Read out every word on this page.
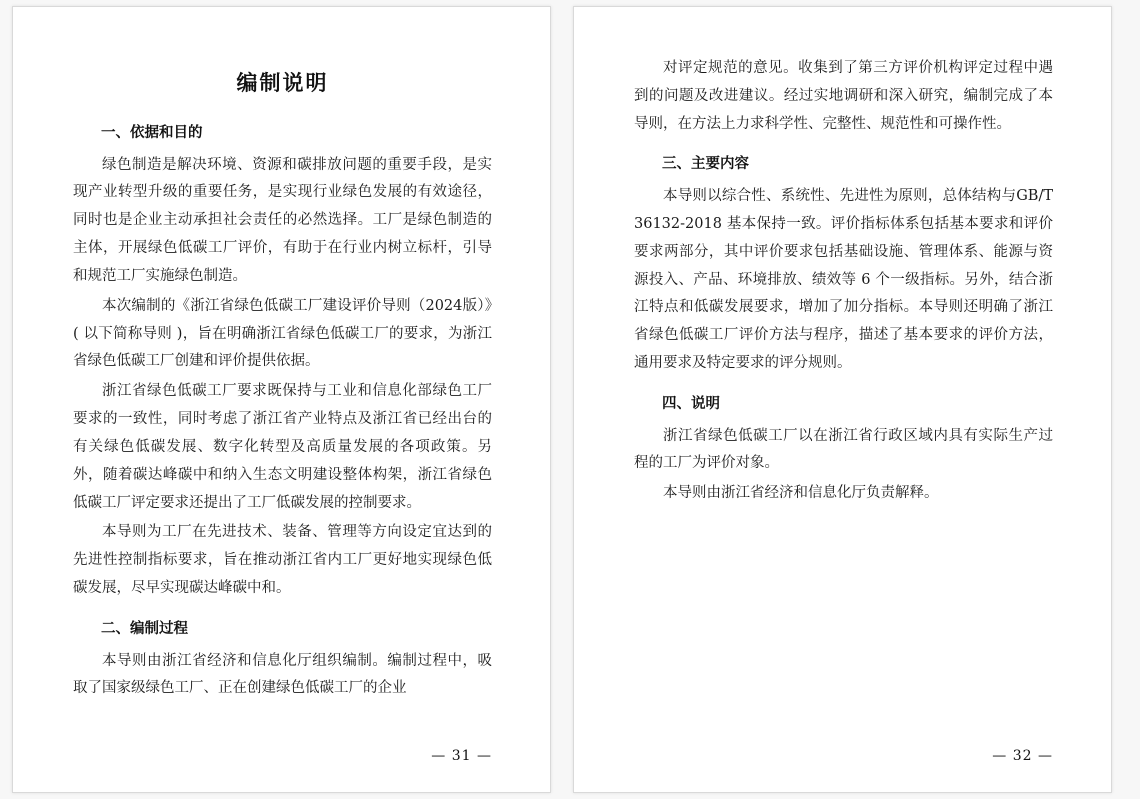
编制说明
一、依据和目的

绿色制造是解决环境、资源和碳排放问题的重要手段，是实现产业转型升级的重要任务，是实现行业绿色发展的有效途径，同时也是企业主动承担社会责任的必然选择。工厂是绿色制造的主体，开展绿色低碳工厂评价，有助于在行业内树立标杆，引导和规范工厂实施绿色制造。

本次编制的《浙江省绿色低碳工厂建设评价导则（2024版）》( 以下简称导则 )，旨在明确浙江省绿色低碳工厂的要求，为浙江省绿色低碳工厂创建和评价提供依据。

浙江省绿色低碳工厂要求既保持与工业和信息化部绿色工厂要求的一致性，同时考虑了浙江省产业特点及浙江省已经出台的有关绿色低碳发展、数字化转型及高质量发展的各项政策。另外，随着碳达峰碳中和纳入生态文明建设整体构架，浙江省绿色低碳工厂评定要求还提出了工厂低碳发展的控制要求。

本导则为工厂在先进技术、装备、管理等方向设定宜达到的先进性控制指标要求，旨在推动浙江省内工厂更好地实现绿色低碳发展，尽早实现碳达峰碳中和。

二、编制过程

本导则由浙江省经济和信息化厅组织编制。编制过程中，吸取了国家级绿色工厂、正在创建绿色低碳工厂的企业

— 31 —

对评定规范的意见。收集到了第三方评价机构评定过程中遇到的问题及改进建议。经过实地调研和深入研究，编制完成了本导则，在方法上力求科学性、完整性、规范性和可操作性。

三、主要内容

本导则以综合性、系统性、先进性为原则，总体结构与GB/T 36132-2018 基本保持一致。评价指标体系包括基本要求和评价要求两部分，其中评价要求包括基础设施、管理体系、能源与资源投入、产品、环境排放、绩效等 6 个一级指标。另外，结合浙江特点和低碳发展要求，增加了加分指标。本导则还明确了浙江省绿色低碳工厂评价方法与程序，描述了基本要求的评价方法，通用要求及特定要求的评分规则。

四、说明

浙江省绿色低碳工厂以在浙江省行政区域内具有实际生产过程的工厂为评价对象。

本导则由浙江省经济和信息化厅负责解释。

— 32 —
